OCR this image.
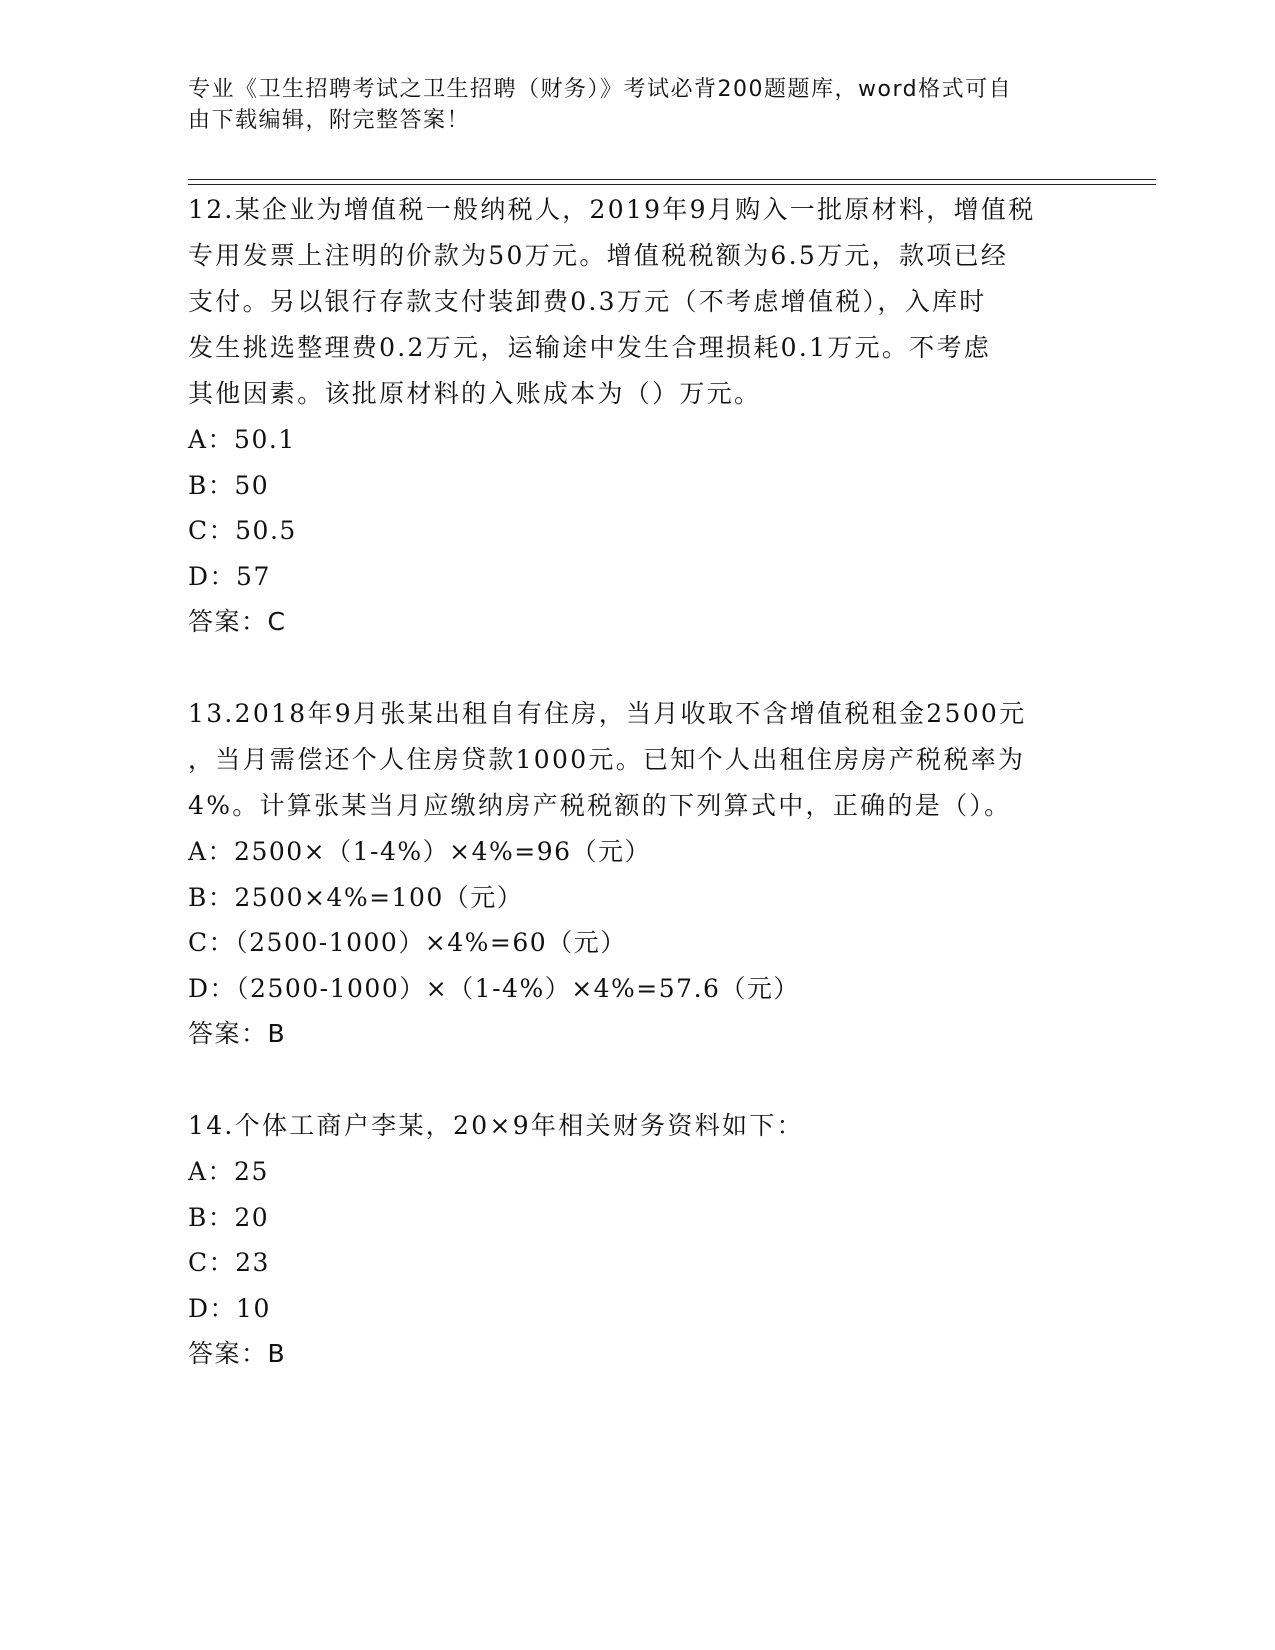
专业《卫生招聘考试之卫生招聘（财务）》考试必背200题题库，word格式可自
由下载编辑，附完整答案！
12.某企业为增值税一般纳税人，2019年9月购入一批原材料，增值税
专用发票上注明的价款为50万元。增值税税额为6.5万元，款项已经
支付。另以银行存款支付装卸费0.3万元（不考虑增值税），入库时
发生挑选整理费0.2万元，运输途中发生合理损耗0.1万元。不考虑
其他因素。该批原材料的入账成本为（）万元。
A：50.1
B：50
C：50.5
D：57
答案：C
13.2018年9月张某出租自有住房，当月收取不含增值税租金2500元
，当月需偿还个人住房贷款1000元。已知个人出租住房房产税税率为
4%。计算张某当月应缴纳房产税税额的下列算式中，正确的是（）。
A：2500×（1-4%）×4%=96（元）
B：2500×4%=100（元）
C：（2500-1000）×4%=60（元）
D：（2500-1000）×（1-4%）×4%=57.6（元）
答案：B
14.个体工商户李某，20×9年相关财务资料如下：
A：25
B：20
C：23
D：10
答案：B
